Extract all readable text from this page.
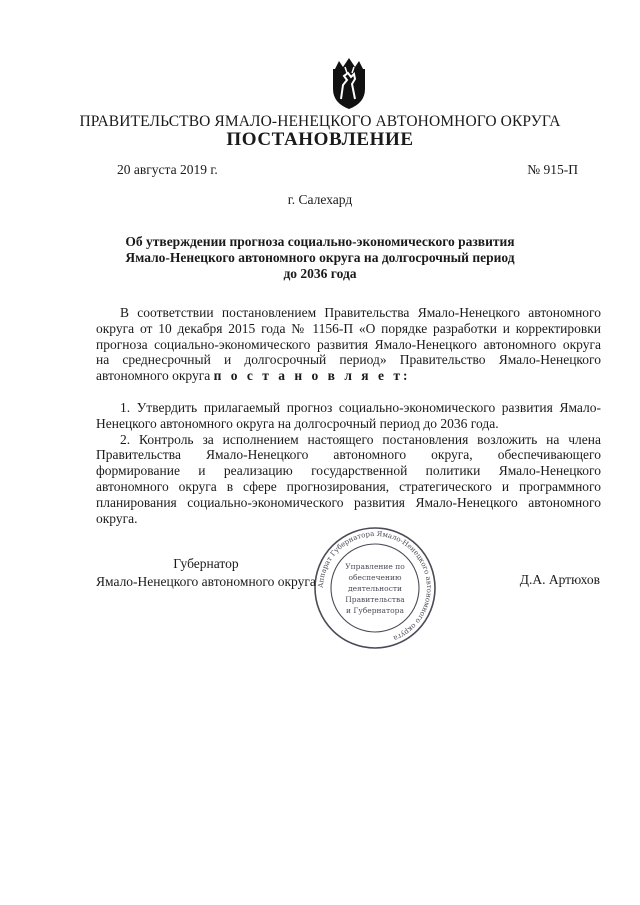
ПРАВИТЕЛЬСТВО ЯМАЛО-НЕНЕЦКОГО АВТОНОМНОГО ОКРУГА
ПОСТАНОВЛЕНИЕ
20 августа 2019 г.	№ 915-П
г. Салехард
Об утверждении прогноза социально-экономического развития
Ямало-Ненецкого автономного округа на долгосрочный период
до 2036 года

В соответствии постановлением Правительства Ямало-Ненецкого автономного округа от 10 декабря 2015 года № 1156-П «О порядке разработки и корректировки прогноза социально-экономического развития Ямало-Ненецкого автономного округа на среднесрочный и долгосрочный период» Правительство Ямало-Ненецкого автономного округа п о с т а н о в л я е т:

1. Утвердить прилагаемый прогноз социально-экономического развития Ямало-Ненецкого автономного округа на долгосрочный период до 2036 года.

2. Контроль за исполнением настоящего постановления возложить на члена Правительства Ямало-Ненецкого автономного округа, обеспечивающего формирование и реализацию государственной политики Ямало-Ненецкого автономного округа в сфере прогнозирования, стратегического и программного планирования социально-экономического развития Ямало-Ненецкого автономного округа.

Губернатор
Ямало-Ненецкого автономного округа	Д.А. Артюхов
Аппарат Губернатора Ямало-Ненецкого автономного округа
Управление по
обеспечению
деятельности
Правительства
и Губернатора
